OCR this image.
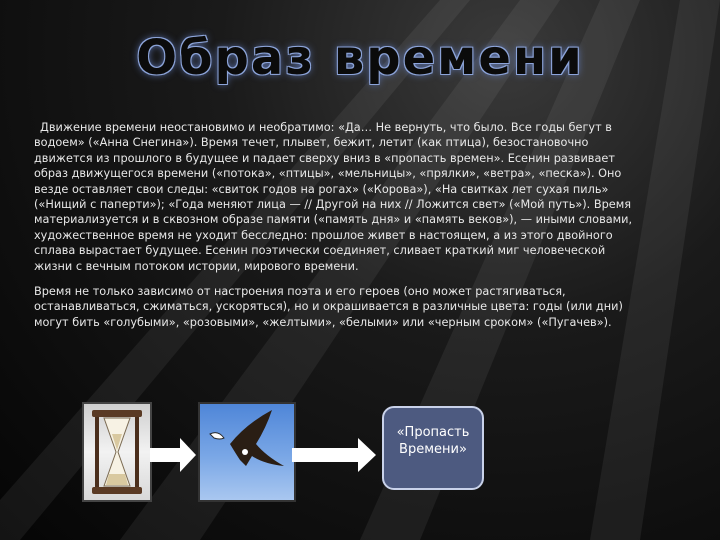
Образ времени

Движение времени неостановимо и необратимо: «Да… Не вернуть, что было. Все годы бегут в водоем» («Анна Снегина»). Время течет, плывет, бежит, летит (как птица), безостановочно движется из прошлого в будущее и падает сверху вниз в «пропасть времен». Есенин развивает образ движущегося времени («потока», «птицы», «мельницы», «прялки», «ветра», «песка»). Оно везде оставляет свои следы: «свиток годов на рогах» («Корова»), «На свитках лет сухая пиль» («Нищий с паперти»); «Года меняют лица — // Другой на них // Ложится свет» («Мой путь»). Время материализуется и в сквозном образе памяти («память дня» и «память веков»), — иными словами, художественное время не уходит бесследно: прошлое живет в настоящем, а из этого двойного сплава вырастает будущее. Есенин поэтически соединяет, сливает краткий миг человеческой жизни с вечным потоком истории, мирового времени.

Время не только зависимо от настроения поэта и его героев (оно может растягиваться, останавливаться, сжиматься, ускоряться), но и окрашивается в различные цвета: годы (или дни) могут бить «голубыми», «розовыми», «желтыми», «белыми» или «черным сроком» («Пугачев»).

«Пропасть
Времени»
